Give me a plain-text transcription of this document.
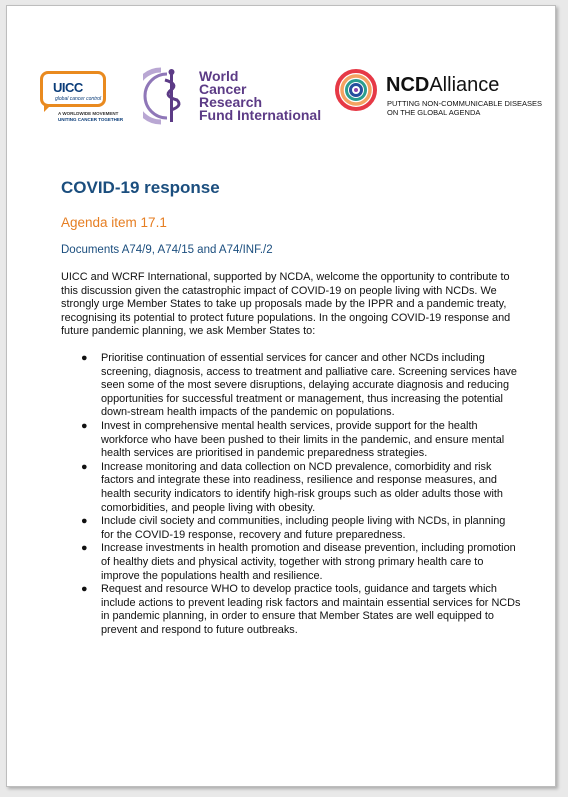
UICC
global cancer control
A WORLDWIDE MOVEMENT
UNITING CANCER TOGETHER
World
Cancer
Research
Fund International
NCDAlliance
PUTTING NON-COMMUNICABLE DISEASES
ON THE GLOBAL AGENDA
COVID-19 response
Agenda item 17.1
Documents A74/9, A74/15 and A74/INF./2

UICC and WCRF International, supported by NCDA, welcome the opportunity to contribute to this discussion given the catastrophic impact of COVID-19 on people living with NCDs. We strongly urge Member States to take up proposals made by the IPPR and a pandemic treaty, recognising its potential to protect future populations. In the ongoing COVID-19 response and future pandemic planning, we ask Member States to:

● Prioritise continuation of essential services for cancer and other NCDs including screening, diagnosis, access to treatment and palliative care. Screening services have seen some of the most severe disruptions, delaying accurate diagnosis and reducing opportunities for successful treatment or management, thus increasing the potential down-stream health impacts of the pandemic on populations.
● Invest in comprehensive mental health services, provide support for the health workforce who have been pushed to their limits in the pandemic, and ensure mental health services are prioritised in pandemic preparedness strategies.
● Increase monitoring and data collection on NCD prevalence, comorbidity and risk factors and integrate these into readiness, resilience and response measures, and health security indicators to identify high-risk groups such as older adults those with comorbidities, and people living with obesity.
● Include civil society and communities, including people living with NCDs, in planning for the COVID-19 response, recovery and future preparedness.
● Increase investments in health promotion and disease prevention, including promotion of healthy diets and physical activity, together with strong primary health care to improve the populations health and resilience.
● Request and resource WHO to develop practice tools, guidance and targets which include actions to prevent leading risk factors and maintain essential services for NCDs in pandemic planning, in order to ensure that Member States are well equipped to prevent and respond to future outbreaks.
